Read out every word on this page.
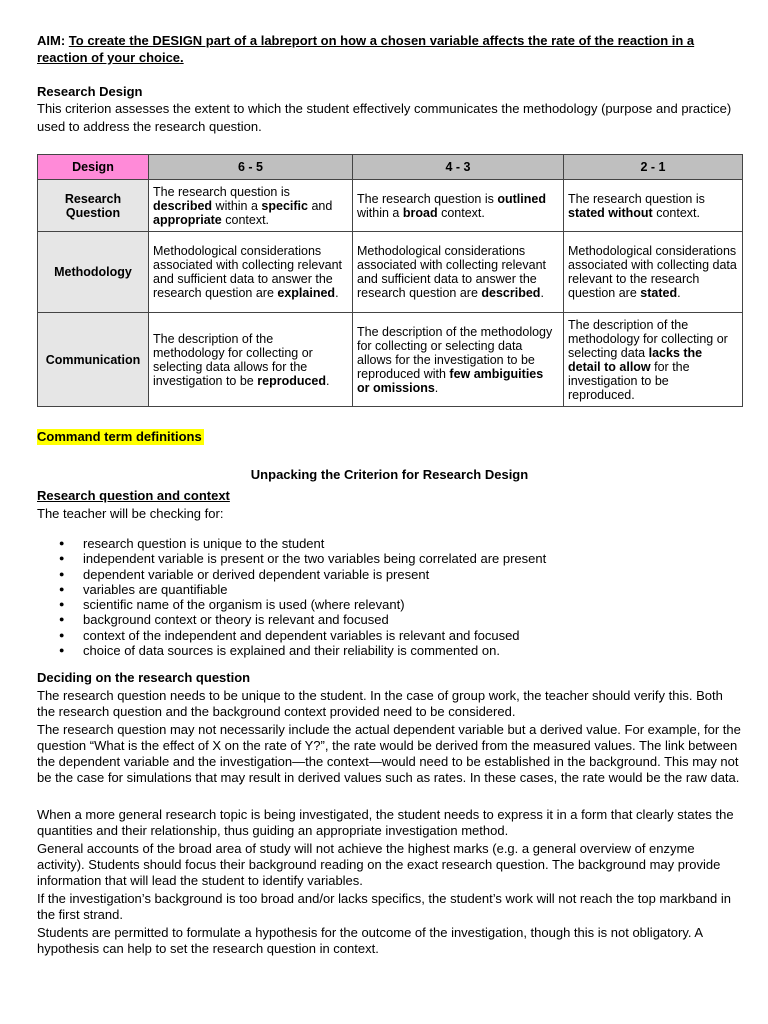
AIM: To create the DESIGN part of a labreport on how a chosen variable affects the rate of the reaction in a reaction of your choice.

Research Design

This criterion assesses the extent to which the student effectively communicates the methodology (purpose and practice) used to address the research question.

Design	6 - 5	4 - 3	2 - 1
Research Question	The research question is described within a specific and appropriate context.	The research question is outlined within a broad context.	The research question is stated without context.
Methodology	Methodological considerations associated with collecting relevant and sufficient data to answer the research question are explained.	Methodological considerations associated with collecting relevant and sufficient data to answer the research question are described.	Methodological considerations associated with collecting data relevant to the research question are stated.
Communication	The description of the methodology for collecting or selecting data allows for the investigation to be reproduced.	The description of the methodology for collecting or selecting data allows for the investigation to be reproduced with few ambiguities or omissions.	The description of the methodology for collecting or selecting data lacks the detail to allow for the investigation to be reproduced.
Command term definitions

Unpacking the Criterion for Research Design

Research question and context

The teacher will be checking for:

● research question is unique to the student
● independent variable is present or the two variables being correlated are present
● dependent variable or derived dependent variable is present
● variables are quantifiable
● scientific name of the organism is used (where relevant)
● background context or theory is relevant and focused
● context of the independent and dependent variables is relevant and focused
● choice of data sources is explained and their reliability is commented on.
Deciding on the research question

The research question needs to be unique to the student. In the case of group work, the teacher should verify this. Both the research question and the background context provided need to be considered.

The research question may not necessarily include the actual dependent variable but a derived value. For example, for the question “What is the effect of X on the rate of Y?”, the rate would be derived from the measured values. The link between the dependent variable and the investigation—the context—would need to be established in the background. This may not be the case for simulations that may result in derived values such as rates. In these cases, the rate would be the raw data.

When a more general research topic is being investigated, the student needs to express it in a form that clearly states the quantities and their relationship, thus guiding an appropriate investigation method.

General accounts of the broad area of study will not achieve the highest marks (e.g. a general overview of enzyme activity). Students should focus their background reading on the exact research question. The background may provide information that will lead the student to identify variables.

If the investigation’s background is too broad and/or lacks specifics, the student’s work will not reach the top markband in the first strand.

Students are permitted to formulate a hypothesis for the outcome of the investigation, though this is not obligatory. A hypothesis can help to set the research question in context.
